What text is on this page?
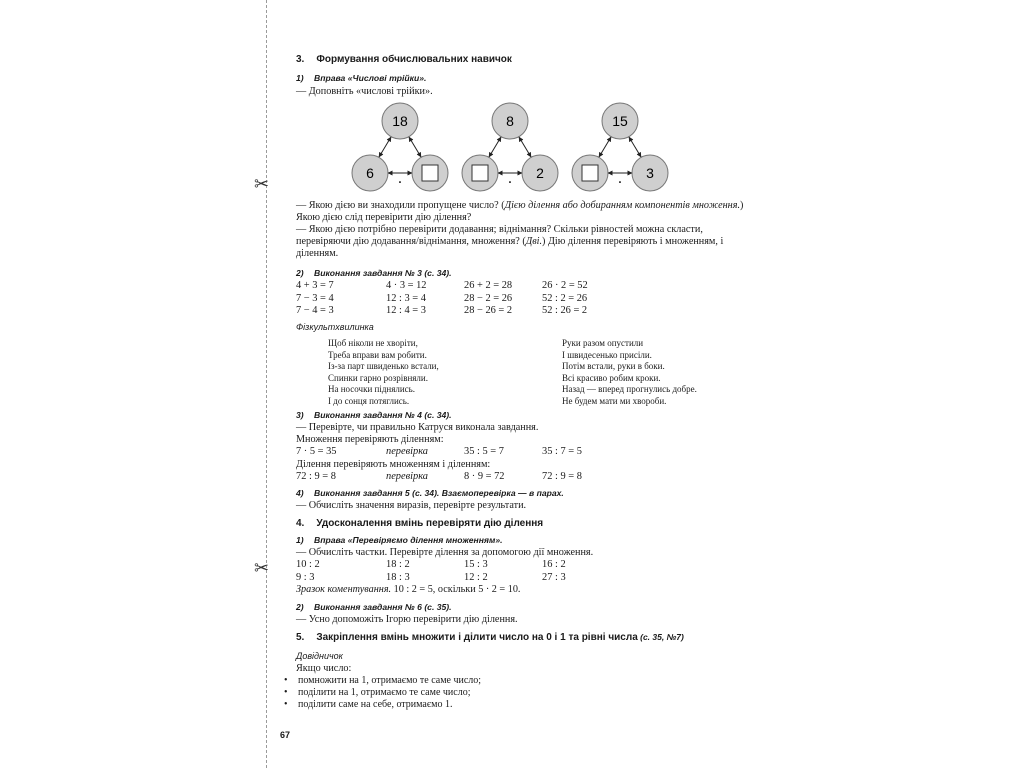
✂
✂

3. Формування обчислювальних навичок

1) Вправа «Числові трійки».

— Доповніть «числові трійки».

18
6
·
8
2
·
15
3
·

— Якою дією ви знаходили пропущене число? (Дією ділення або добиранням компонентів множення.) Якою дією слід перевірити дію ділення?

— Якою дією потрібно перевірити додавання; віднімання? Скільки рівностей можна скласти, перевіряючи дію додавання/віднімання, множення? (Дві.) Дію ділення перевіряють і множенням, і діленням.

2) Виконання завдання № 3 (с. 34).

4 + 3 = 7	4 · 3 = 12	26 + 2 = 28	26 · 2 = 52
7 − 3 = 4	12 : 3 = 4	28 − 2 = 26	52 : 2 = 26
7 − 4 = 3	12 : 4 = 3	28 − 26 = 2	52 : 26 = 2

Фізкультхвилинка

Щоб ніколи не хворіти,
Треба вправи вам робити.
Із-за парт швиденько встали,
Спинки гарно розрівняли.
На носочки піднялись.
І до сонця потяглись.
Руки разом опустили
І швидесенько присіли.
Потім встали, руки в боки.
Всі красиво робим кроки.
Назад — вперед прогнулись добре.
Не будем мати ми хвороби.

3) Виконання завдання № 4 (с. 34).

— Перевірте, чи правильно Катруся виконала завдання.

Множення перевіряють діленням:

7 · 5 = 35	перевірка	35 : 5 = 7	35 : 7 = 5

Ділення перевіряють множенням і діленням:

72 : 9 = 8	перевірка	8 · 9 = 72	72 : 9 = 8

4) Виконання завдання 5 (с. 34). Взаємоперевірка — в парах.

— Обчисліть значення виразів, перевірте результати.

4. Удосконалення вмінь перевіряти дію ділення

1) Вправа «Перевіряємо ділення множенням».

— Обчисліть частки. Перевірте ділення за допомогою дії множення.

10 : 2	18 : 2	15 : 3	16 : 2
9 : 3	18 : 3	12 : 2	27 : 3

Зразок коментування. 10 : 2 = 5, оскільки 5 · 2 = 10.

2) Виконання завдання № 6 (с. 35).

— Усно допоможіть Ігорю перевірити дію ділення.

5. Закріплення вмінь множити і ділити число на 0 і 1 та рівні числа (с. 35, №7)

Довідничок

Якщо число:

•	помножити на 1, отримаємо те саме число;
•	поділити на 1, отримаємо те саме число;
•	поділити саме на себе, отримаємо 1.
67
